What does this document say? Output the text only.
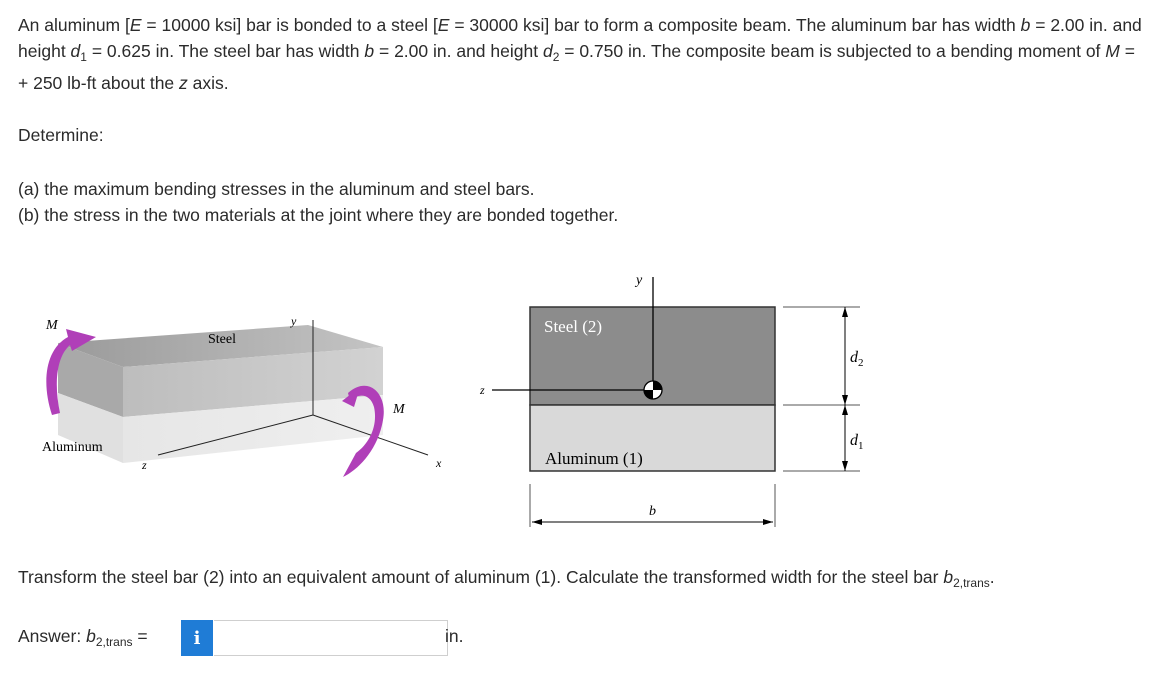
An aluminum [E = 10000 ksi] bar is bonded to a steel [E = 30000 ksi] bar to form a composite beam. The aluminum bar has width b = 2.00 in. and height $d_1 = 0.625$ in. The steel bar has width b = 2.00 in. and height $d_2 = 0.750$ in. The composite beam is subjected to a bending moment of M = + 250 lb-ft about the z axis.

Determine:

(a) the maximum bending stresses in the aluminum and steel bars.
(b) the stress in the two materials at the joint where they are bonded together.
M
Steel
y
M
Aluminum
z	x
y
z
Steel (2)
Aluminum (1)
b
$d_2$
$d_1$

Transform the steel bar (2) into an equivalent amount of aluminum (1). Calculate the transformed width for the steel bar $b_{2,trans}$.

Answer: $b_{2,trans}$ =	i	in.
